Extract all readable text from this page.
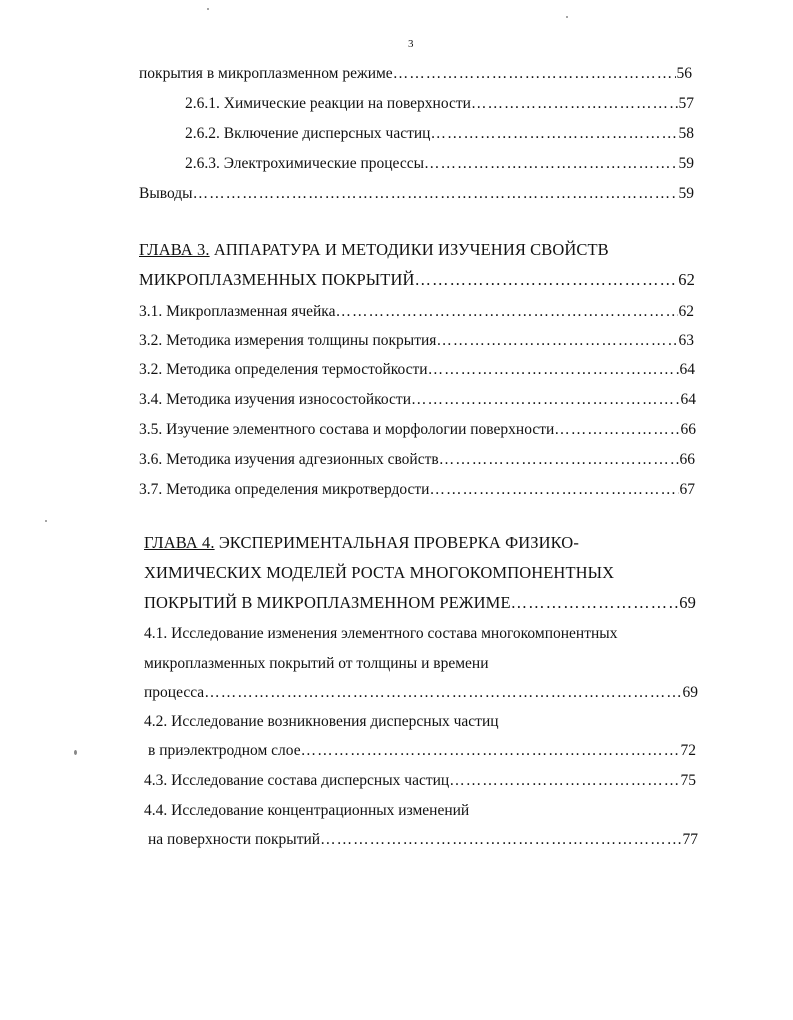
3
покрытия в микроплазменном режиме ……………………………………………………………………………………………………………………………………………………………………	56
2.6.1. Химические реакции на поверхности ……………………………………………………………………………………………………………………………………………………………………	57
2.6.2. Включение дисперсных частиц ……………………………………………………………………………………………………………………………………………………………………	58
2.6.3. Электрохимические процессы ……………………………………………………………………………………………………………………………………………………………………	59
Выводы ……………………………………………………………………………………………………………………………………………………………………	59
ГЛАВА 3. АППАРАТУРА И МЕТОДИКИ ИЗУЧЕНИЯ СВОЙСТВ
МИКРОПЛАЗМЕННЫХ ПОКРЫТИЙ ……………………………………………………………………………………………………………………………………………………………………	62
3.1. Микроплазменная ячейка ……………………………………………………………………………………………………………………………………………………………………	62
3.2. Методика измерения толщины покрытия ……………………………………………………………………………………………………………………………………………………………………	63
3.2. Методика определения термостойкости ……………………………………………………………………………………………………………………………………………………………………	64
3.4. Методика изучения износостойкости ……………………………………………………………………………………………………………………………………………………………………	64
3.5. Изучение элементного состава и морфологии поверхности ……………………………………………………………………………………………………………………………………………………………………	66
3.6. Методика изучения адгезионных свойств ……………………………………………………………………………………………………………………………………………………………………	66
3.7. Методика определения микротвердости ……………………………………………………………………………………………………………………………………………………………………	67
ГЛАВА 4. ЭКСПЕРИМЕНТАЛЬНАЯ ПРОВЕРКА ФИЗИКО-
ХИМИЧЕСКИХ МОДЕЛЕЙ РОСТА МНОГОКОМПОНЕНТНЫХ
ПОКРЫТИЙ В МИКРОПЛАЗМЕННОМ РЕЖИМЕ ……………………………………………………………………………………………………………………………………………………………………	69
4.1. Исследование изменения элементного состава многокомпонентных
микроплазменных покрытий от толщины и времени
процесса ……………………………………………………………………………………………………………………………………………………………………	69
4.2. Исследование возникновения дисперсных частиц
в приэлектродном слое ……………………………………………………………………………………………………………………………………………………………………	72
4.3. Исследование состава дисперсных частиц ……………………………………………………………………………………………………………………………………………………………………	75
4.4. Исследование концентрационных изменений
на поверхности покрытий ……………………………………………………………………………………………………………………………………………………………………	77
